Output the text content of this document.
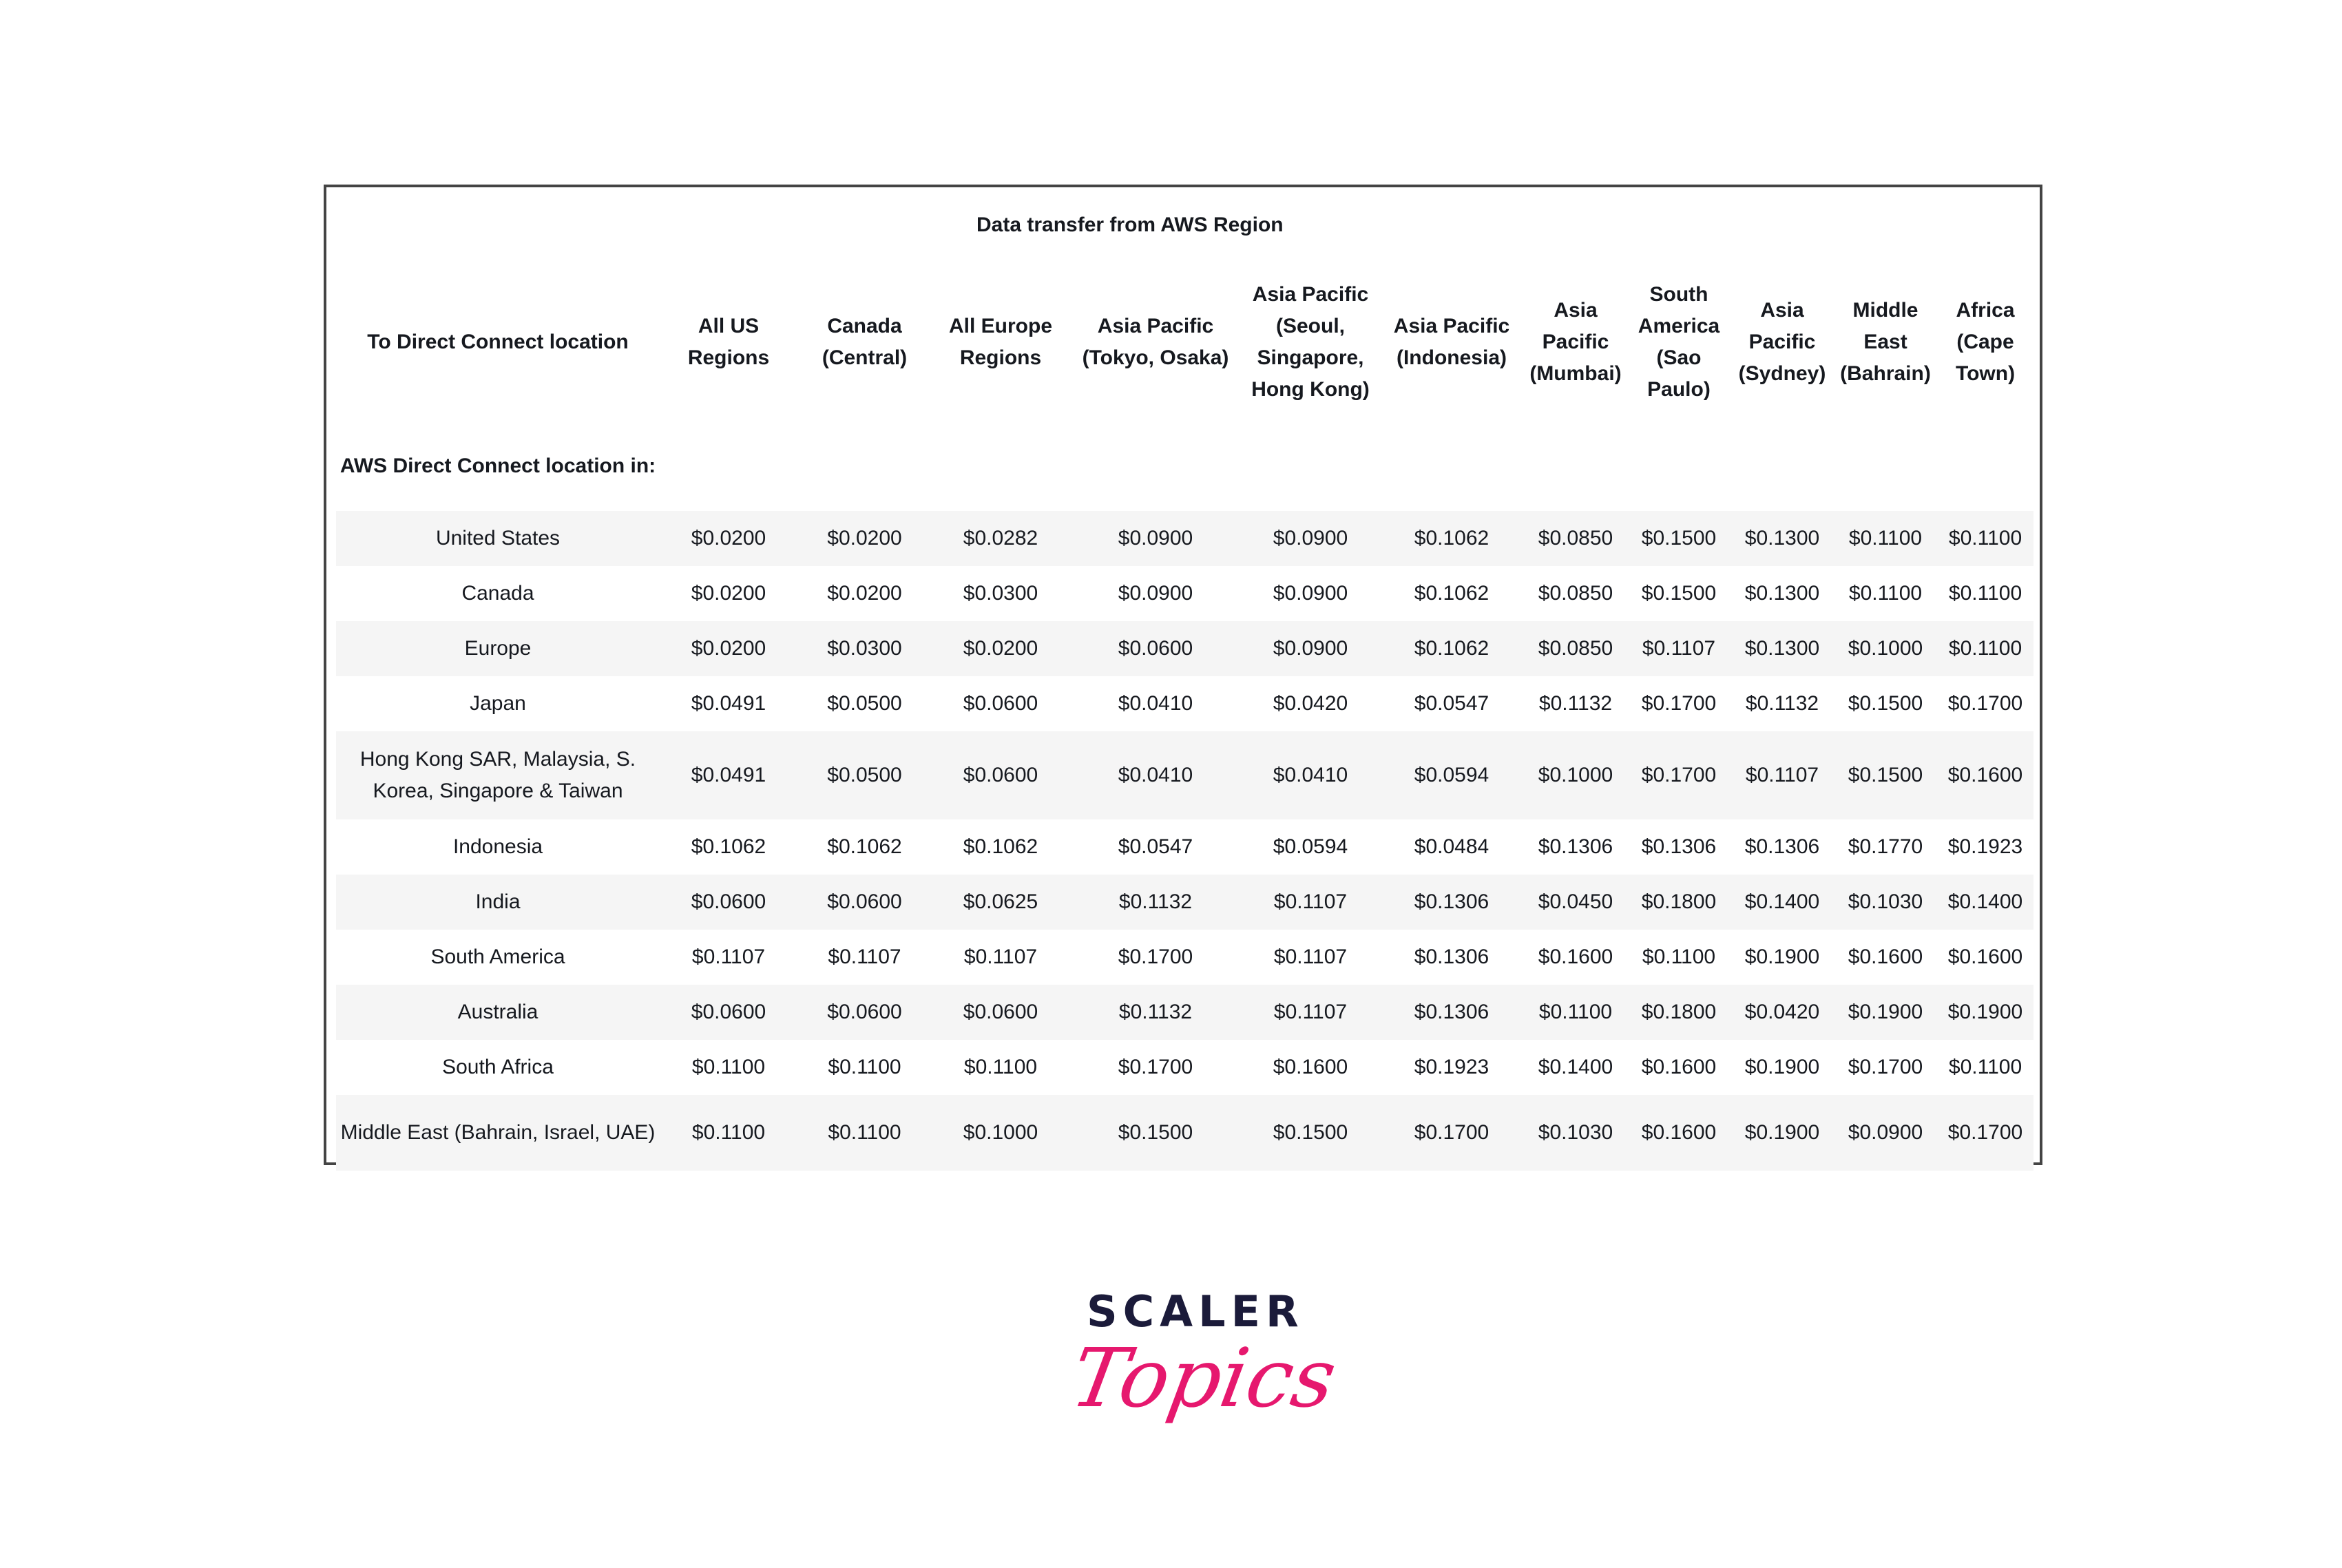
	Data transfer from AWS Region										
To Direct Connect location	All US Regions	Canada (Central)	All Europe Regions	Asia Pacific (Tokyo, Osaka)	Asia Pacific (Seoul, Singapore, Hong Kong)	Asia Pacific (Indonesia)	Asia Pacific (Mumbai)	South America (Sao Paulo)	Asia Pacific (Sydney)	Middle East (Bahrain)	Africa (Cape Town)
AWS Direct Connect location in:											
United States	$0.0200	$0.0200	$0.0282	$0.0900	$0.0900	$0.1062	$0.0850	$0.1500	$0.1300	$0.1100	$0.1100
Canada	$0.0200	$0.0200	$0.0300	$0.0900	$0.0900	$0.1062	$0.0850	$0.1500	$0.1300	$0.1100	$0.1100
Europe	$0.0200	$0.0300	$0.0200	$0.0600	$0.0900	$0.1062	$0.0850	$0.1107	$0.1300	$0.1000	$0.1100
Japan	$0.0491	$0.0500	$0.0600	$0.0410	$0.0420	$0.0547	$0.1132	$0.1700	$0.1132	$0.1500	$0.1700
Hong Kong SAR, Malaysia, S. Korea, Singapore & Taiwan	$0.0491	$0.0500	$0.0600	$0.0410	$0.0410	$0.0594	$0.1000	$0.1700	$0.1107	$0.1500	$0.1600
Indonesia	$0.1062	$0.1062	$0.1062	$0.0547	$0.0594	$0.0484	$0.1306	$0.1306	$0.1306	$0.1770	$0.1923
India	$0.0600	$0.0600	$0.0625	$0.1132	$0.1107	$0.1306	$0.0450	$0.1800	$0.1400	$0.1030	$0.1400
South America	$0.1107	$0.1107	$0.1107	$0.1700	$0.1107	$0.1306	$0.1600	$0.1100	$0.1900	$0.1600	$0.1600
Australia	$0.0600	$0.0600	$0.0600	$0.1132	$0.1107	$0.1306	$0.1100	$0.1800	$0.0420	$0.1900	$0.1900
South Africa	$0.1100	$0.1100	$0.1100	$0.1700	$0.1600	$0.1923	$0.1400	$0.1600	$0.1900	$0.1700	$0.1100
Middle East (Bahrain, Israel, UAE)	$0.1100	$0.1100	$0.1000	$0.1500	$0.1500	$0.1700	$0.1030	$0.1600	$0.1900	$0.0900	$0.1700
SCALER
Topics
